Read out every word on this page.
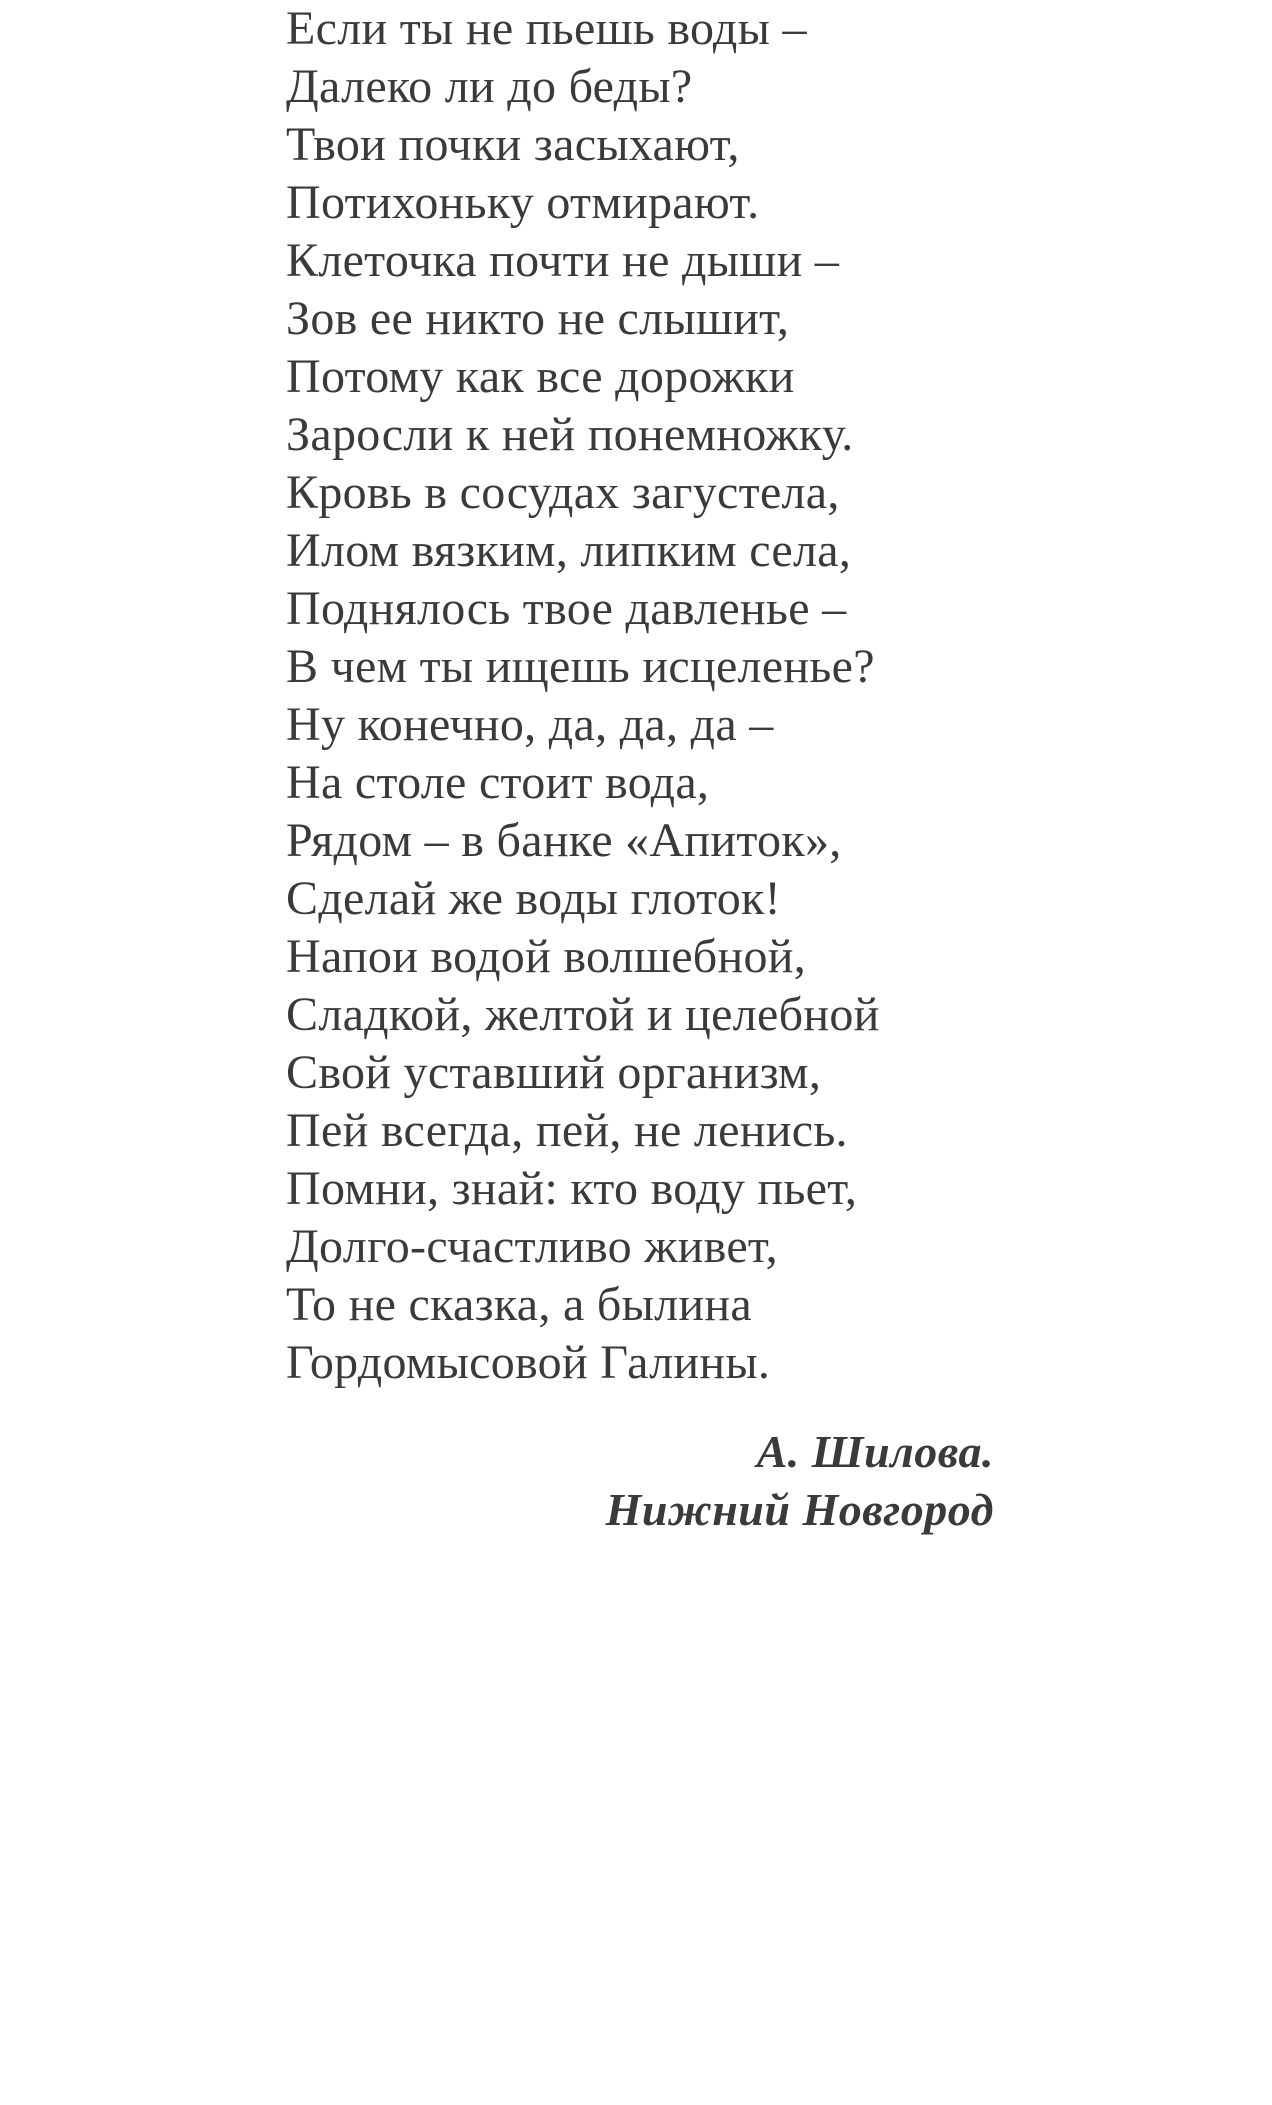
Если ты не пьешь воды –
Далеко ли до беды?
Твои почки засыхают,
Потихоньку отмирают.
Клеточка почти не дыши –
Зов ее никто не слышит,
Потому как все дорожки
Заросли к ней понемножку.
Кровь в сосудах загустела,
Илом вязким, липким села,
Поднялось твое давленье –
В чем ты ищешь исцеленье?
Ну конечно, да, да, да –
На столе стоит вода,
Рядом – в банке «Апиток»,
Сделай же воды глоток!
Напои водой волшебной,
Сладкой, желтой и целебной
Свой уставший организм,
Пей всегда, пей, не ленись.
Помни, знай: кто воду пьет,
Долго-счастливо живет,
То не сказка, а былина
Гордомысовой Галины.
А. Шилова.
Нижний Новгород
